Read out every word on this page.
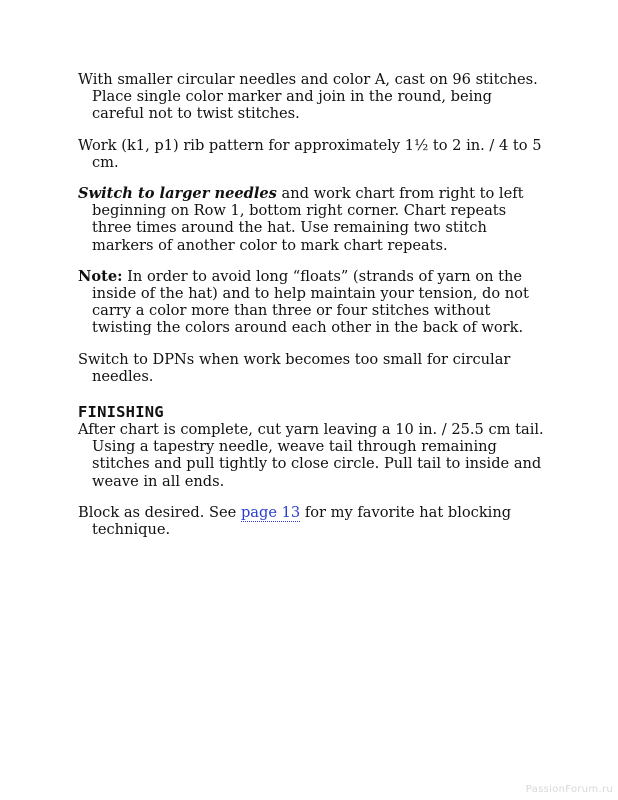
With smaller circular needles and color A, cast on 96 stitches. Place single color marker and join in the round, being careful not to twist stitches.

Work (k1, p1) rib pattern for approximately 1½ to 2 in. / 4 to 5 cm.

Switch to larger needles and work chart from right to left beginning on Row 1, bottom right corner. Chart repeats three times around the hat. Use remaining two stitch markers of another color to mark chart repeats.

Note: In order to avoid long “floats” (strands of yarn on the inside of the hat) and to help maintain your tension, do not carry a color more than three or four stitches without twisting the colors around each other in the back of work.

Switch to DPNs when work becomes too small for circular needles.

FINISHING

After chart is complete, cut yarn leaving a 10 in. / 25.5 cm tail. Using a tapestry needle, weave tail through remaining stitches and pull tightly to close circle. Pull tail to inside and weave in all ends.

Block as desired. See page 13 for my favorite hat blocking technique.

PassionForum.ru
